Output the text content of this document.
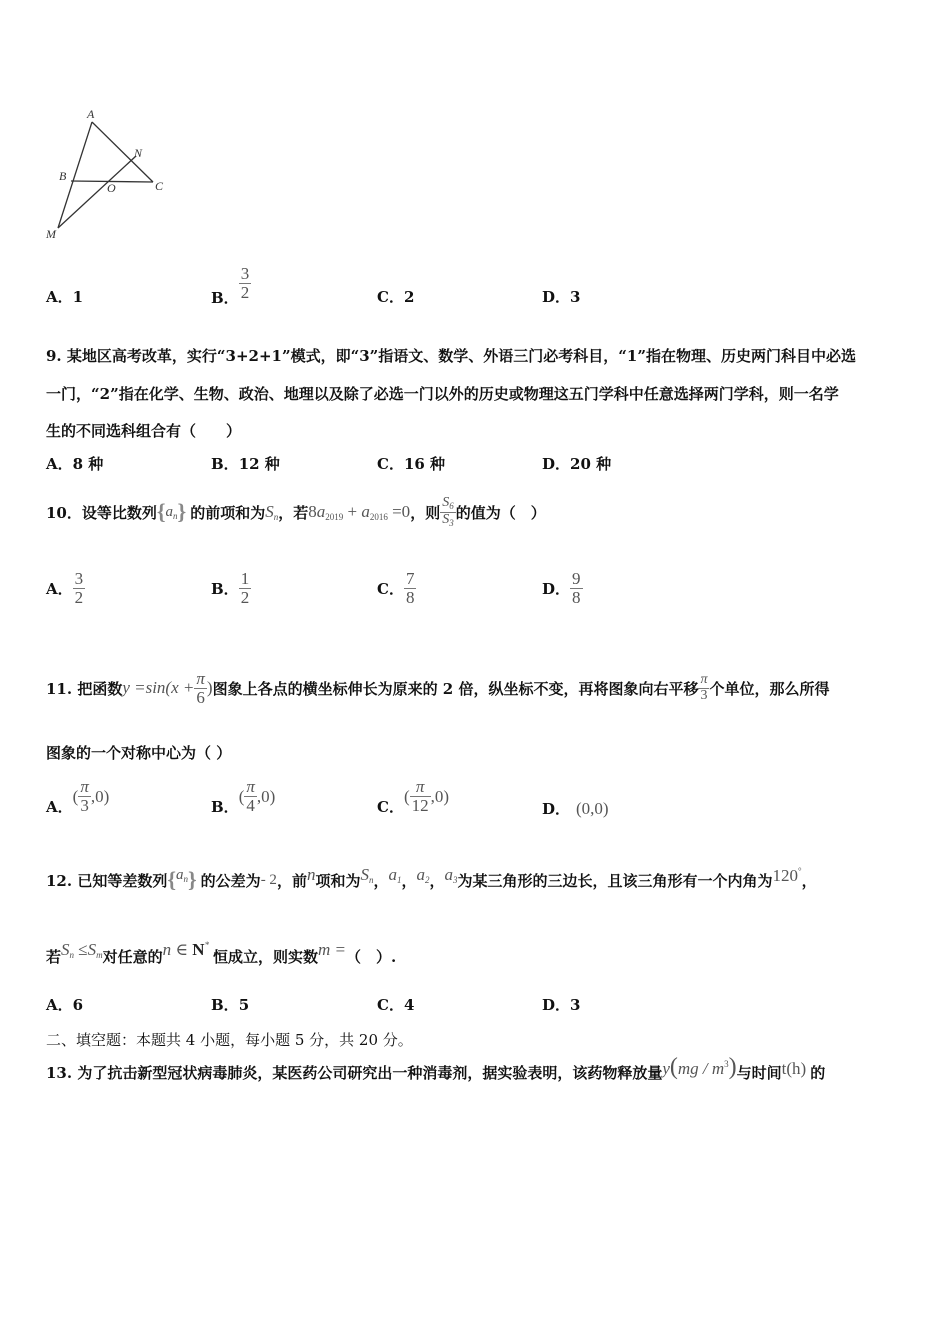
A
N
B
O	C
M
A．1	B． $\frac{3}{2}$	C．2	D．3
9. 某地区高考改革，实行“3+2+1”模式，即“3”指语文、数学、外语三门必考科目，“1”指在物理、历史两门科目中必选
一门，“2”指在化学、生物、政治、地理以及除了必选一门以外的历史或物理这五门学科中任意选择两门学科，则一名学
生的不同选科组合有（　　）
A．8 种	B．12 种	C．16 种	D．20 种
10．设等比数列 { $a_n$ } 的前项和为 $S_n$ ，若 $8a_{2019} + a_{2016} =0$ ，则 $\frac{S_6}{S_3}$ 的值为（　）
A． $\frac{3}{2}$	B． $\frac{1}{2}$	C． $\frac{7}{8}$	D． $\frac{9}{8}$
11. 把函数 $y =\sin(x + \frac{\pi}{6}$ ) 图象上各点的横坐标伸长为原来的 2 倍，纵坐标不变，再将图象向右平移 $\frac{\pi}{3}$ 个单位，那么所得
图象的一个对称中心为（ ）
A．
( $\frac{\pi}{3} ,0$)
B．
( $\frac{\pi}{4} ,0$)
C．
( $\frac{\pi}{12} ,0$)
D． (0,0)
12. 已知等差数列 { $a_n$ } 的公差为 - 2 ，前 n 项和为 $S_n$ ， $a_1$ ， $a_2$ ， $a_3$ 为某三角形的三边长，且该三角形有一个内角为 120°
，
若 $S_n \le S_m$ 对任意的 n ∈ N*
恒成立，则实数 m = （　）.
A．6	B．5	C．4	D．3
二、填空题：本题共 4 小题，每小题 5 分，共 20 分。
13. 为了抗击新型冠状病毒肺炎，某医药公司研究出一种消毒剂，据实验表明，该药物释放量 $y(mg / m^3)$ 与时间 t(h) 的
